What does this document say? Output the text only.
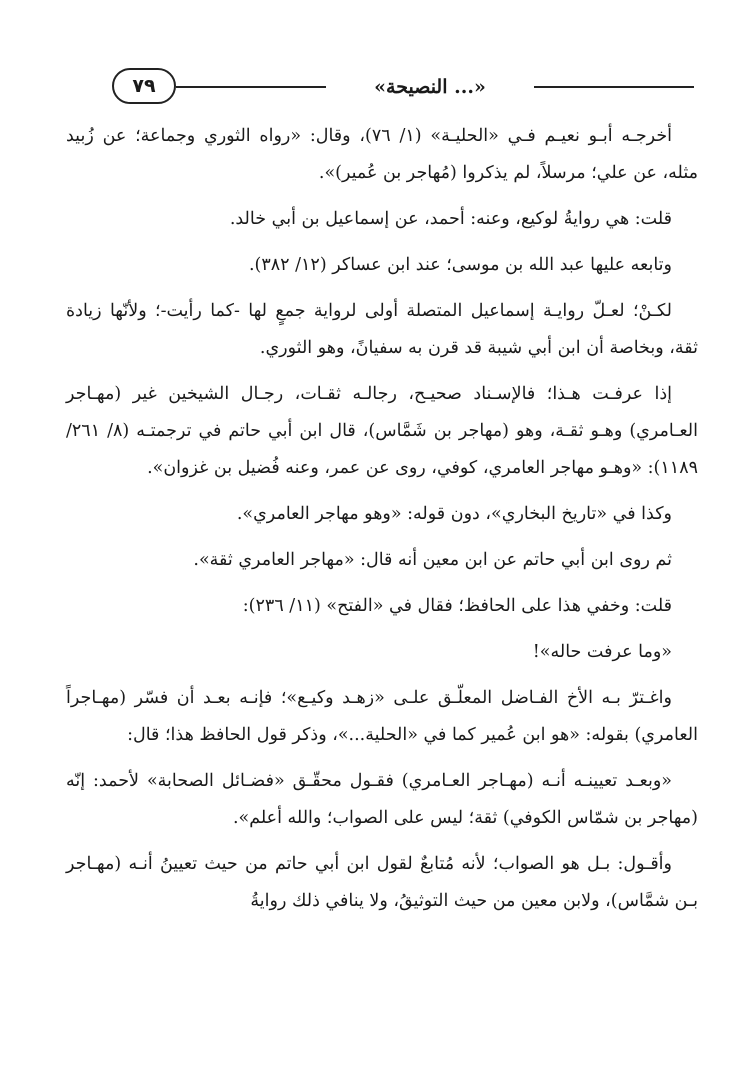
٧٩	«النصيحة ...»

أخرجـه أبـو نعيـم فـي «الحليـة» (١/ ٧٦)، وقال: «رواه الثوري وجماعة؛ عن زُبيد مثله، عن علي؛ مرسلاً، لم يذكروا (مُهاجر بن عُمير)».

قلت: هي روايةُ لوكيع، وعنه: أحمد، عن إسماعيل بن أبي خالد.

وتابعه عليها عبد الله بن موسى؛ عند ابن عساكر (١٢/ ٣٨٢).

لكـنْ؛ لعـلّ روايـة إسماعيل المتصلة أولى لرواية جمعٍ لها -كما رأيت-؛ ولأنّها زيادة ثقة، وبخاصة أن ابن أبي شيبة قد قرن به سفيانً، وهو الثوري.

إذا عرفـت هـذا؛ فالإسـناد صحيـح، رجالـه ثقـات، رجـال الشيخين غير (مهـاجر العـامري) وهـو ثقـة، وهو (مهاجر بن شَمَّاس)، قال ابن أبي حاتم في ترجمتـه (٨/ ٢٦١/ ١١٨٩): «وهـو مهاجر العامري، كوفي، روى عن عمر، وعنه فُضيل بن غزوان».

وكذا في «تاريخ البخاري»، دون قوله: «وهو مهاجر العامري».

ثم روى ابن أبي حاتم عن ابن معين أنه قال: «مهاجر العامري ثقة».

قلت: وخفي هذا على الحافظ؛ فقال في «الفتح» (١١/ ٢٣٦):

«وما عرفت حاله»!

واغـترّ بـه الأخ الفـاضل المعلّـق علـى «زهـد وكيـع»؛ فإنـه بعـد أن فسّر (مهـاجراً العامري) بقوله: «هو ابن عُمير كما في «الحلية...»، وذكر قول الحافظ هذا؛ قال:

«وبعـد تعيينـه أنـه (مهـاجر العـامري) فقـول محقّـق «فضـائل الصحابة» لأحمد: إنّه (مهاجر بن شمّاس الكوفي) ثقة؛ ليس على الصواب؛ والله أعلم».

وأقـول: بـل هو الصواب؛ لأنه مُتابعٌ لقول ابن أبي حاتم من حيث تعيينُ أنـه (مهـاجر بـن شمَّاس)، ولابن معين من حيث التوثيقُ، ولا ينافي ذلك روايةُ
